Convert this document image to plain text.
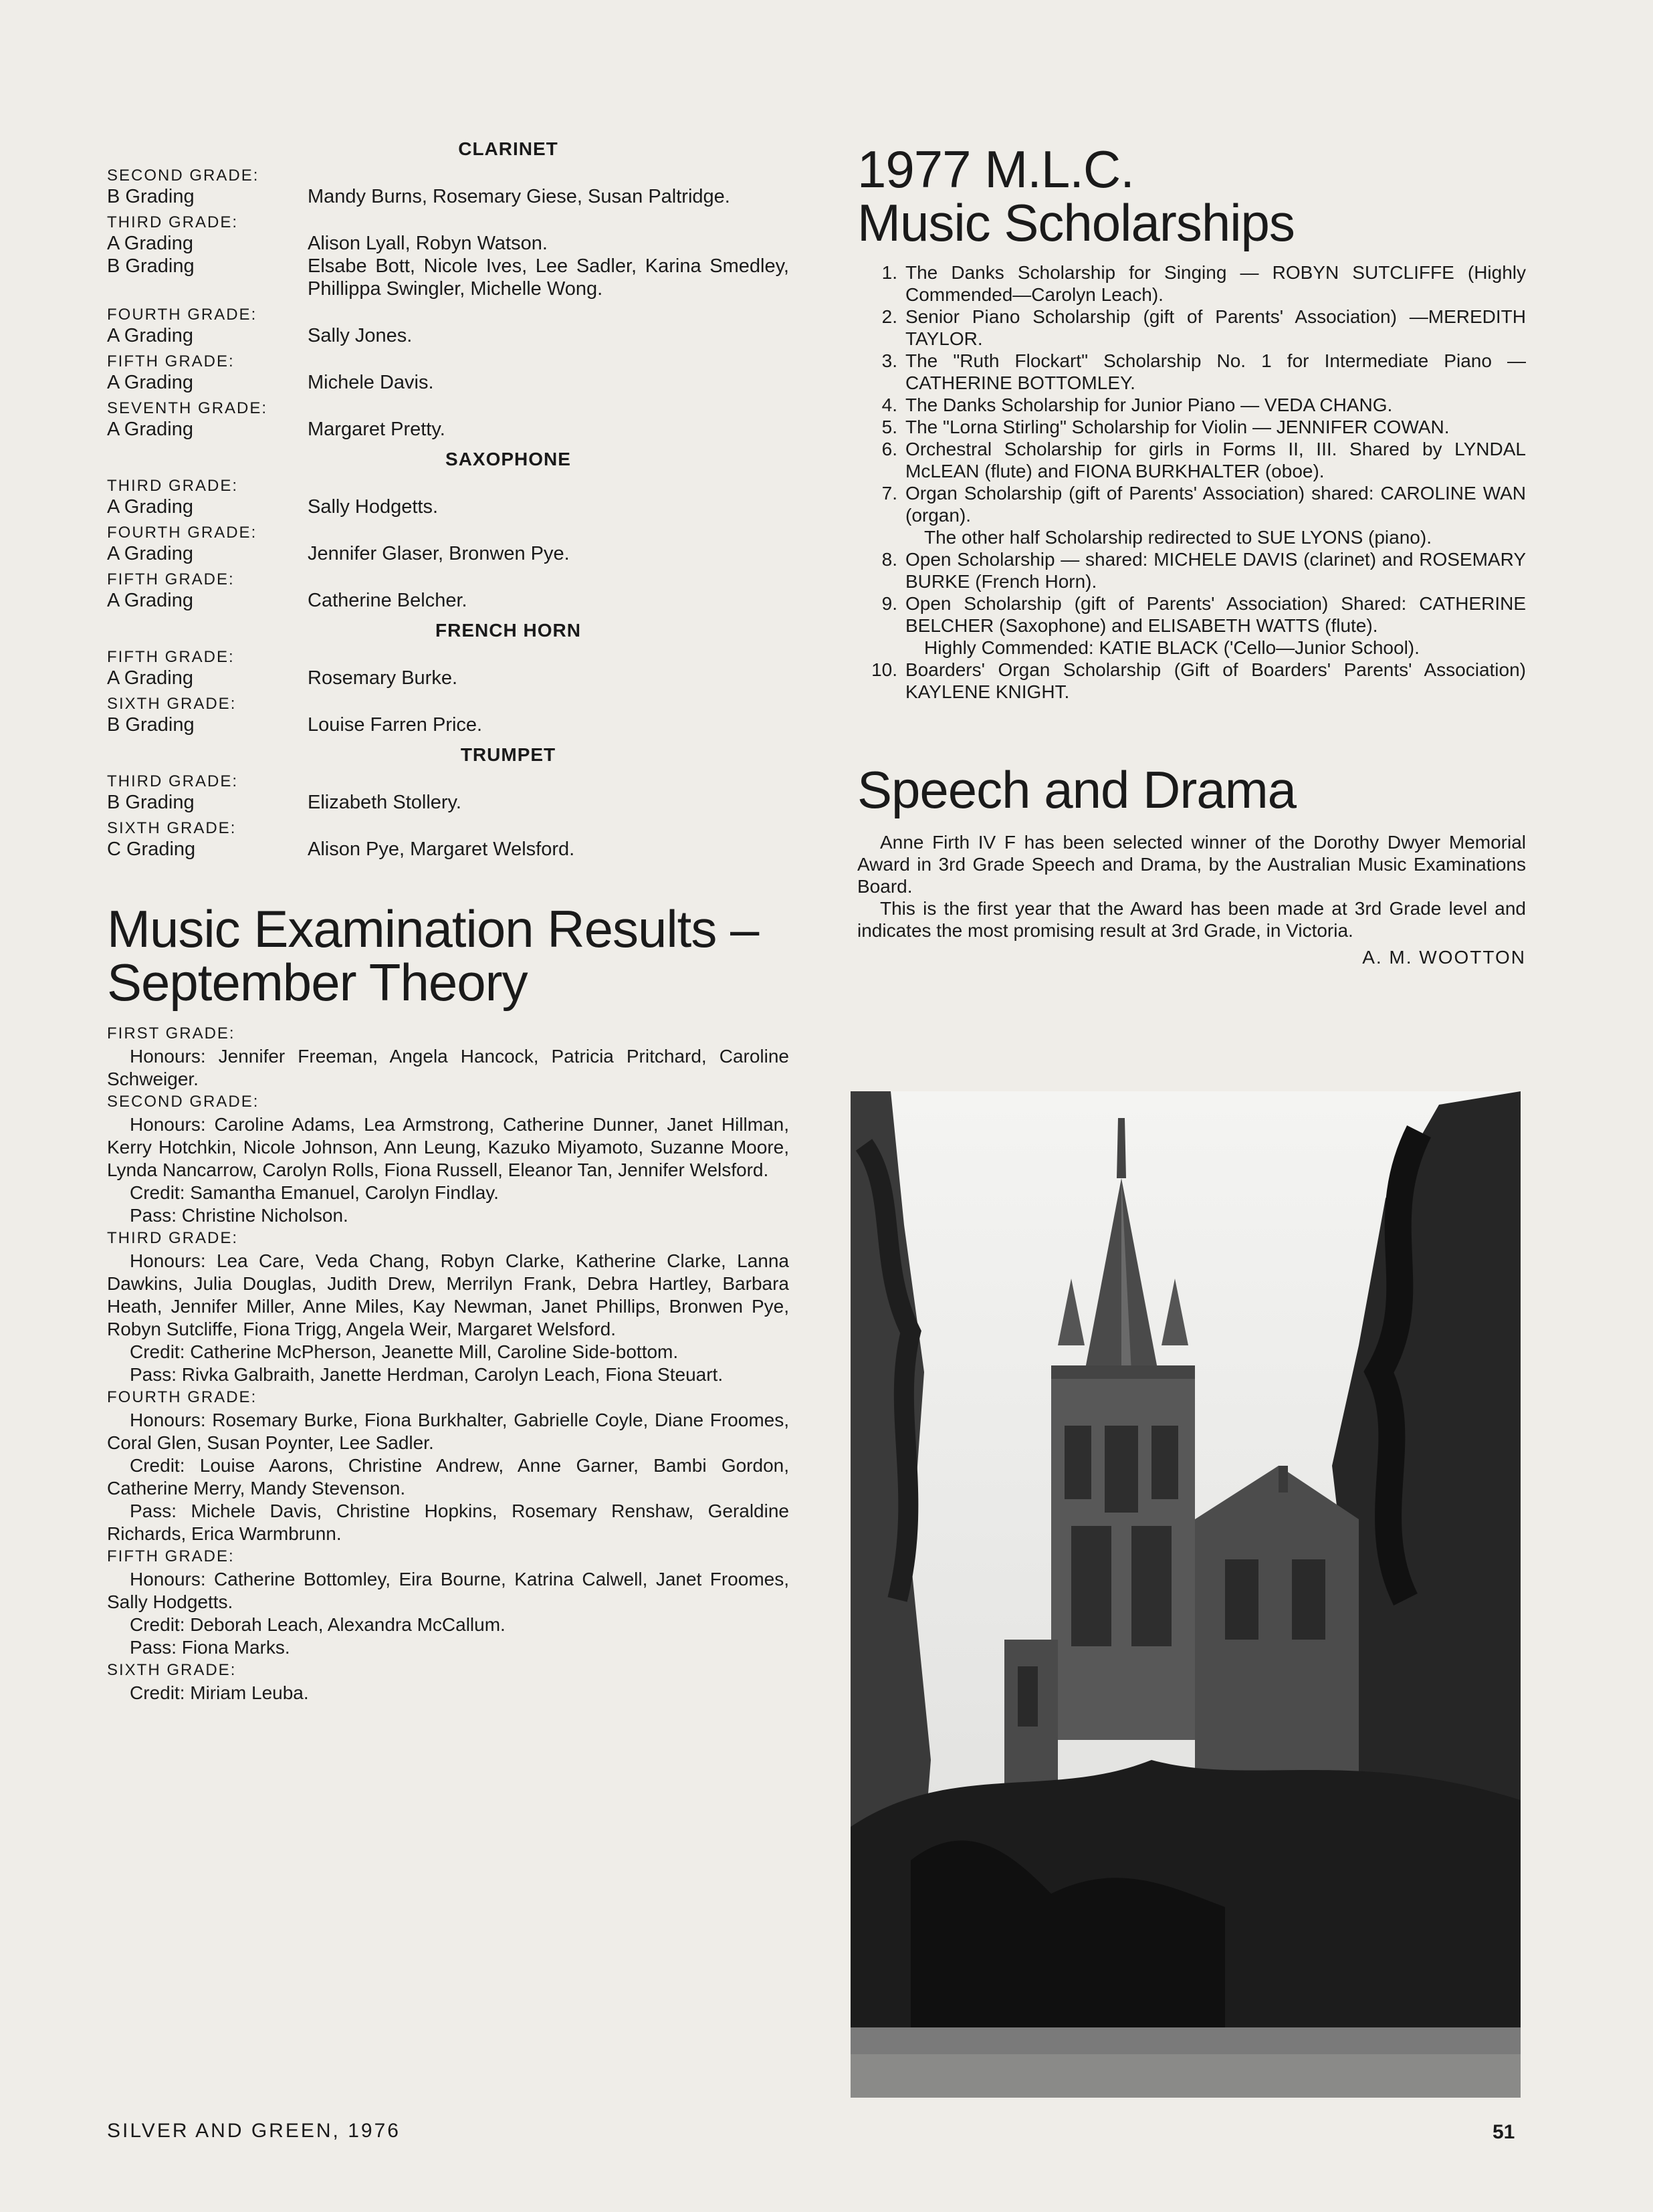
CLARINET
SECOND GRADE:
B Grading	Mandy Burns, Rosemary Giese, Susan Paltridge.
THIRD GRADE:
A Grading	Alison Lyall, Robyn Watson.
B Grading	Elsabe Bott, Nicole Ives, Lee Sadler, Karina Smedley, Phillippa Swingler, Michelle Wong.
FOURTH GRADE:
A Grading	Sally Jones.
FIFTH GRADE:
A Grading	Michele Davis.
SEVENTH GRADE:
A Grading	Margaret Pretty.
SAXOPHONE
THIRD GRADE:
A Grading	Sally Hodgetts.
FOURTH GRADE:
A Grading	Jennifer Glaser, Bronwen Pye.
FIFTH GRADE:
A Grading	Catherine Belcher.
FRENCH HORN
FIFTH GRADE:
A Grading	Rosemary Burke.
SIXTH GRADE:
B Grading	Louise Farren Price.
TRUMPET
THIRD GRADE:
B Grading	Elizabeth Stollery.
SIXTH GRADE:
C Grading	Alison Pye, Margaret Welsford.
Music Examination Results –
September Theory
FIRST GRADE:
Honours: Jennifer Freeman, Angela Hancock, Patricia Pritchard, Caroline Schweiger.
SECOND GRADE:
Honours: Caroline Adams, Lea Armstrong, Catherine Dunner, Janet Hillman, Kerry Hotchkin, Nicole Johnson, Ann Leung, Kazuko Miyamoto, Suzanne Moore, Lynda Nancarrow, Carolyn Rolls, Fiona Russell, Eleanor Tan, Jennifer Welsford.
Credit: Samantha Emanuel, Carolyn Findlay.
Pass: Christine Nicholson.
THIRD GRADE:
Honours: Lea Care, Veda Chang, Robyn Clarke, Katherine Clarke, Lanna Dawkins, Julia Douglas, Judith Drew, Merrilyn Frank, Debra Hartley, Barbara Heath, Jennifer Miller, Anne Miles, Kay Newman, Janet Phillips, Bronwen Pye, Robyn Sutcliffe, Fiona Trigg, Angela Weir, Margaret Welsford.
Credit: Catherine McPherson, Jeanette Mill, Caroline Side-bottom.
Pass: Rivka Galbraith, Janette Herdman, Carolyn Leach, Fiona Steuart.
FOURTH GRADE:
Honours: Rosemary Burke, Fiona Burkhalter, Gabrielle Coyle, Diane Froomes, Coral Glen, Susan Poynter, Lee Sadler.
Credit: Louise Aarons, Christine Andrew, Anne Garner, Bambi Gordon, Catherine Merry, Mandy Stevenson.
Pass: Michele Davis, Christine Hopkins, Rosemary Renshaw, Geraldine Richards, Erica Warmbrunn.
FIFTH GRADE:
Honours: Catherine Bottomley, Eira Bourne, Katrina Calwell, Janet Froomes, Sally Hodgetts.
Credit: Deborah Leach, Alexandra McCallum.
Pass: Fiona Marks.
SIXTH GRADE:
Credit: Miriam Leuba.
1977 M.L.C.
Music Scholarships
1. The Danks Scholarship for Singing — ROBYN SUTCLIFFE (Highly Commended—Carolyn Leach).
2. Senior Piano Scholarship (gift of Parents' Association) —MEREDITH TAYLOR.
3. The "Ruth Flockart" Scholarship No. 1 for Intermediate Piano —CATHERINE BOTTOMLEY.
4. The Danks Scholarship for Junior Piano — VEDA CHANG.
5. The "Lorna Stirling" Scholarship for Violin — JENNIFER COWAN.
6. Orchestral Scholarship for girls in Forms II, III. Shared by LYNDAL McLEAN (flute) and FIONA BURKHALTER (oboe).
7. Organ Scholarship (gift of Parents' Association) shared: CAROLINE WAN (organ).
The other half Scholarship redirected to SUE LYONS (piano).
8. Open Scholarship — shared: MICHELE DAVIS (clarinet) and ROSEMARY BURKE (French Horn).
9. Open Scholarship (gift of Parents' Association) Shared: CATHERINE BELCHER (Saxophone) and ELISABETH WATTS (flute).
Highly Commended: KATIE BLACK ('Cello—Junior School).
10. Boarders' Organ Scholarship (Gift of Boarders' Parents' Association) KAYLENE KNIGHT.
Speech and Drama

Anne Firth IV F has been selected winner of the Dorothy Dwyer Memorial Award in 3rd Grade Speech and Drama, by the Australian Music Examinations Board.

This is the first year that the Award has been made at 3rd Grade level and indicates the most promising result at 3rd Grade, in Victoria.

A. M. WOOTTON
SILVER AND GREEN, 1976	51
